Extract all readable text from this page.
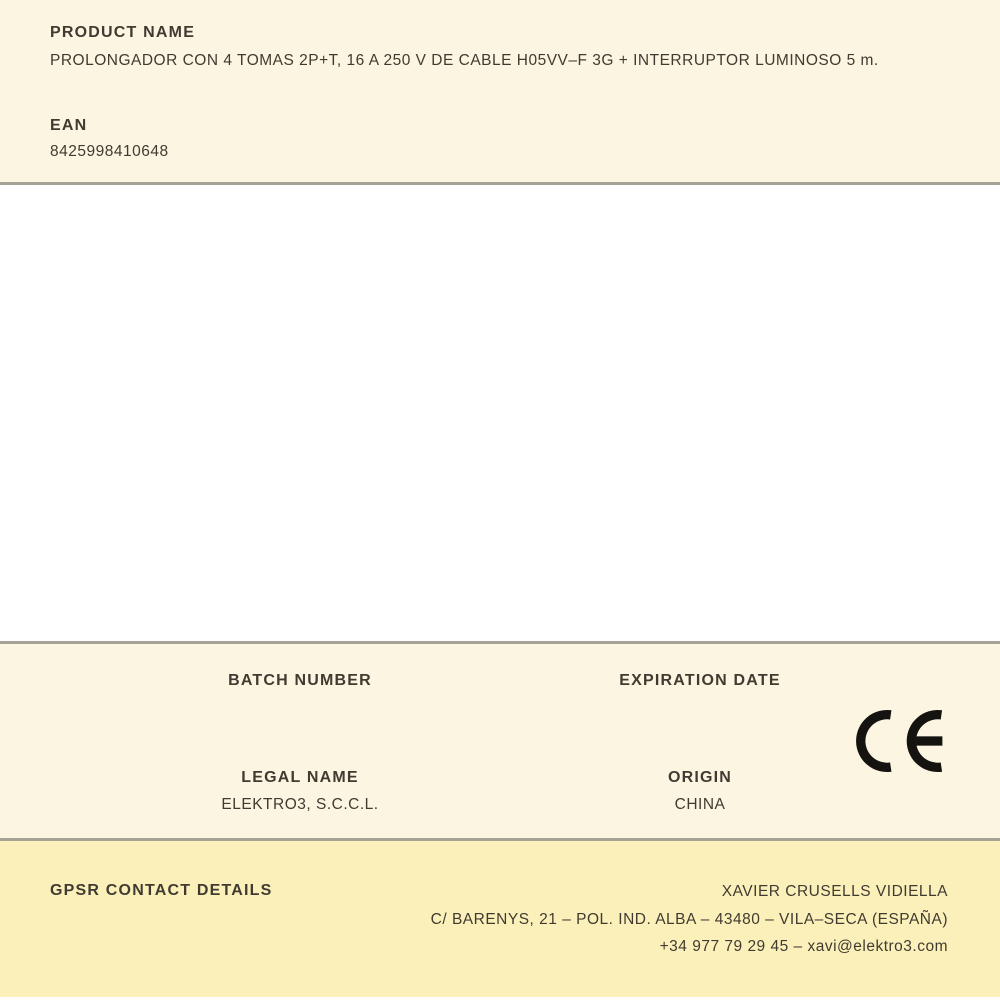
PRODUCT NAME
PROLONGADOR CON 4 TOMAS 2P+T, 16 A 250 V DE CABLE H05VV–F 3G + INTERRUPTOR LUMINOSO 5 m.
EAN
8425998410648
BATCH NUMBER	EXPIRATION DATE
LEGAL NAME
ELEKTRO3, S.C.C.L.
ORIGIN
CHINA
GPSR CONTACT DETAILS	XAVIER CRUSELLS VIDIELLA
C/ BARENYS, 21 – POL. IND. ALBA – 43480 – VILA–SECA (ESPAÑA)
+34 977 79 29 45 – xavi@elektro3.com
